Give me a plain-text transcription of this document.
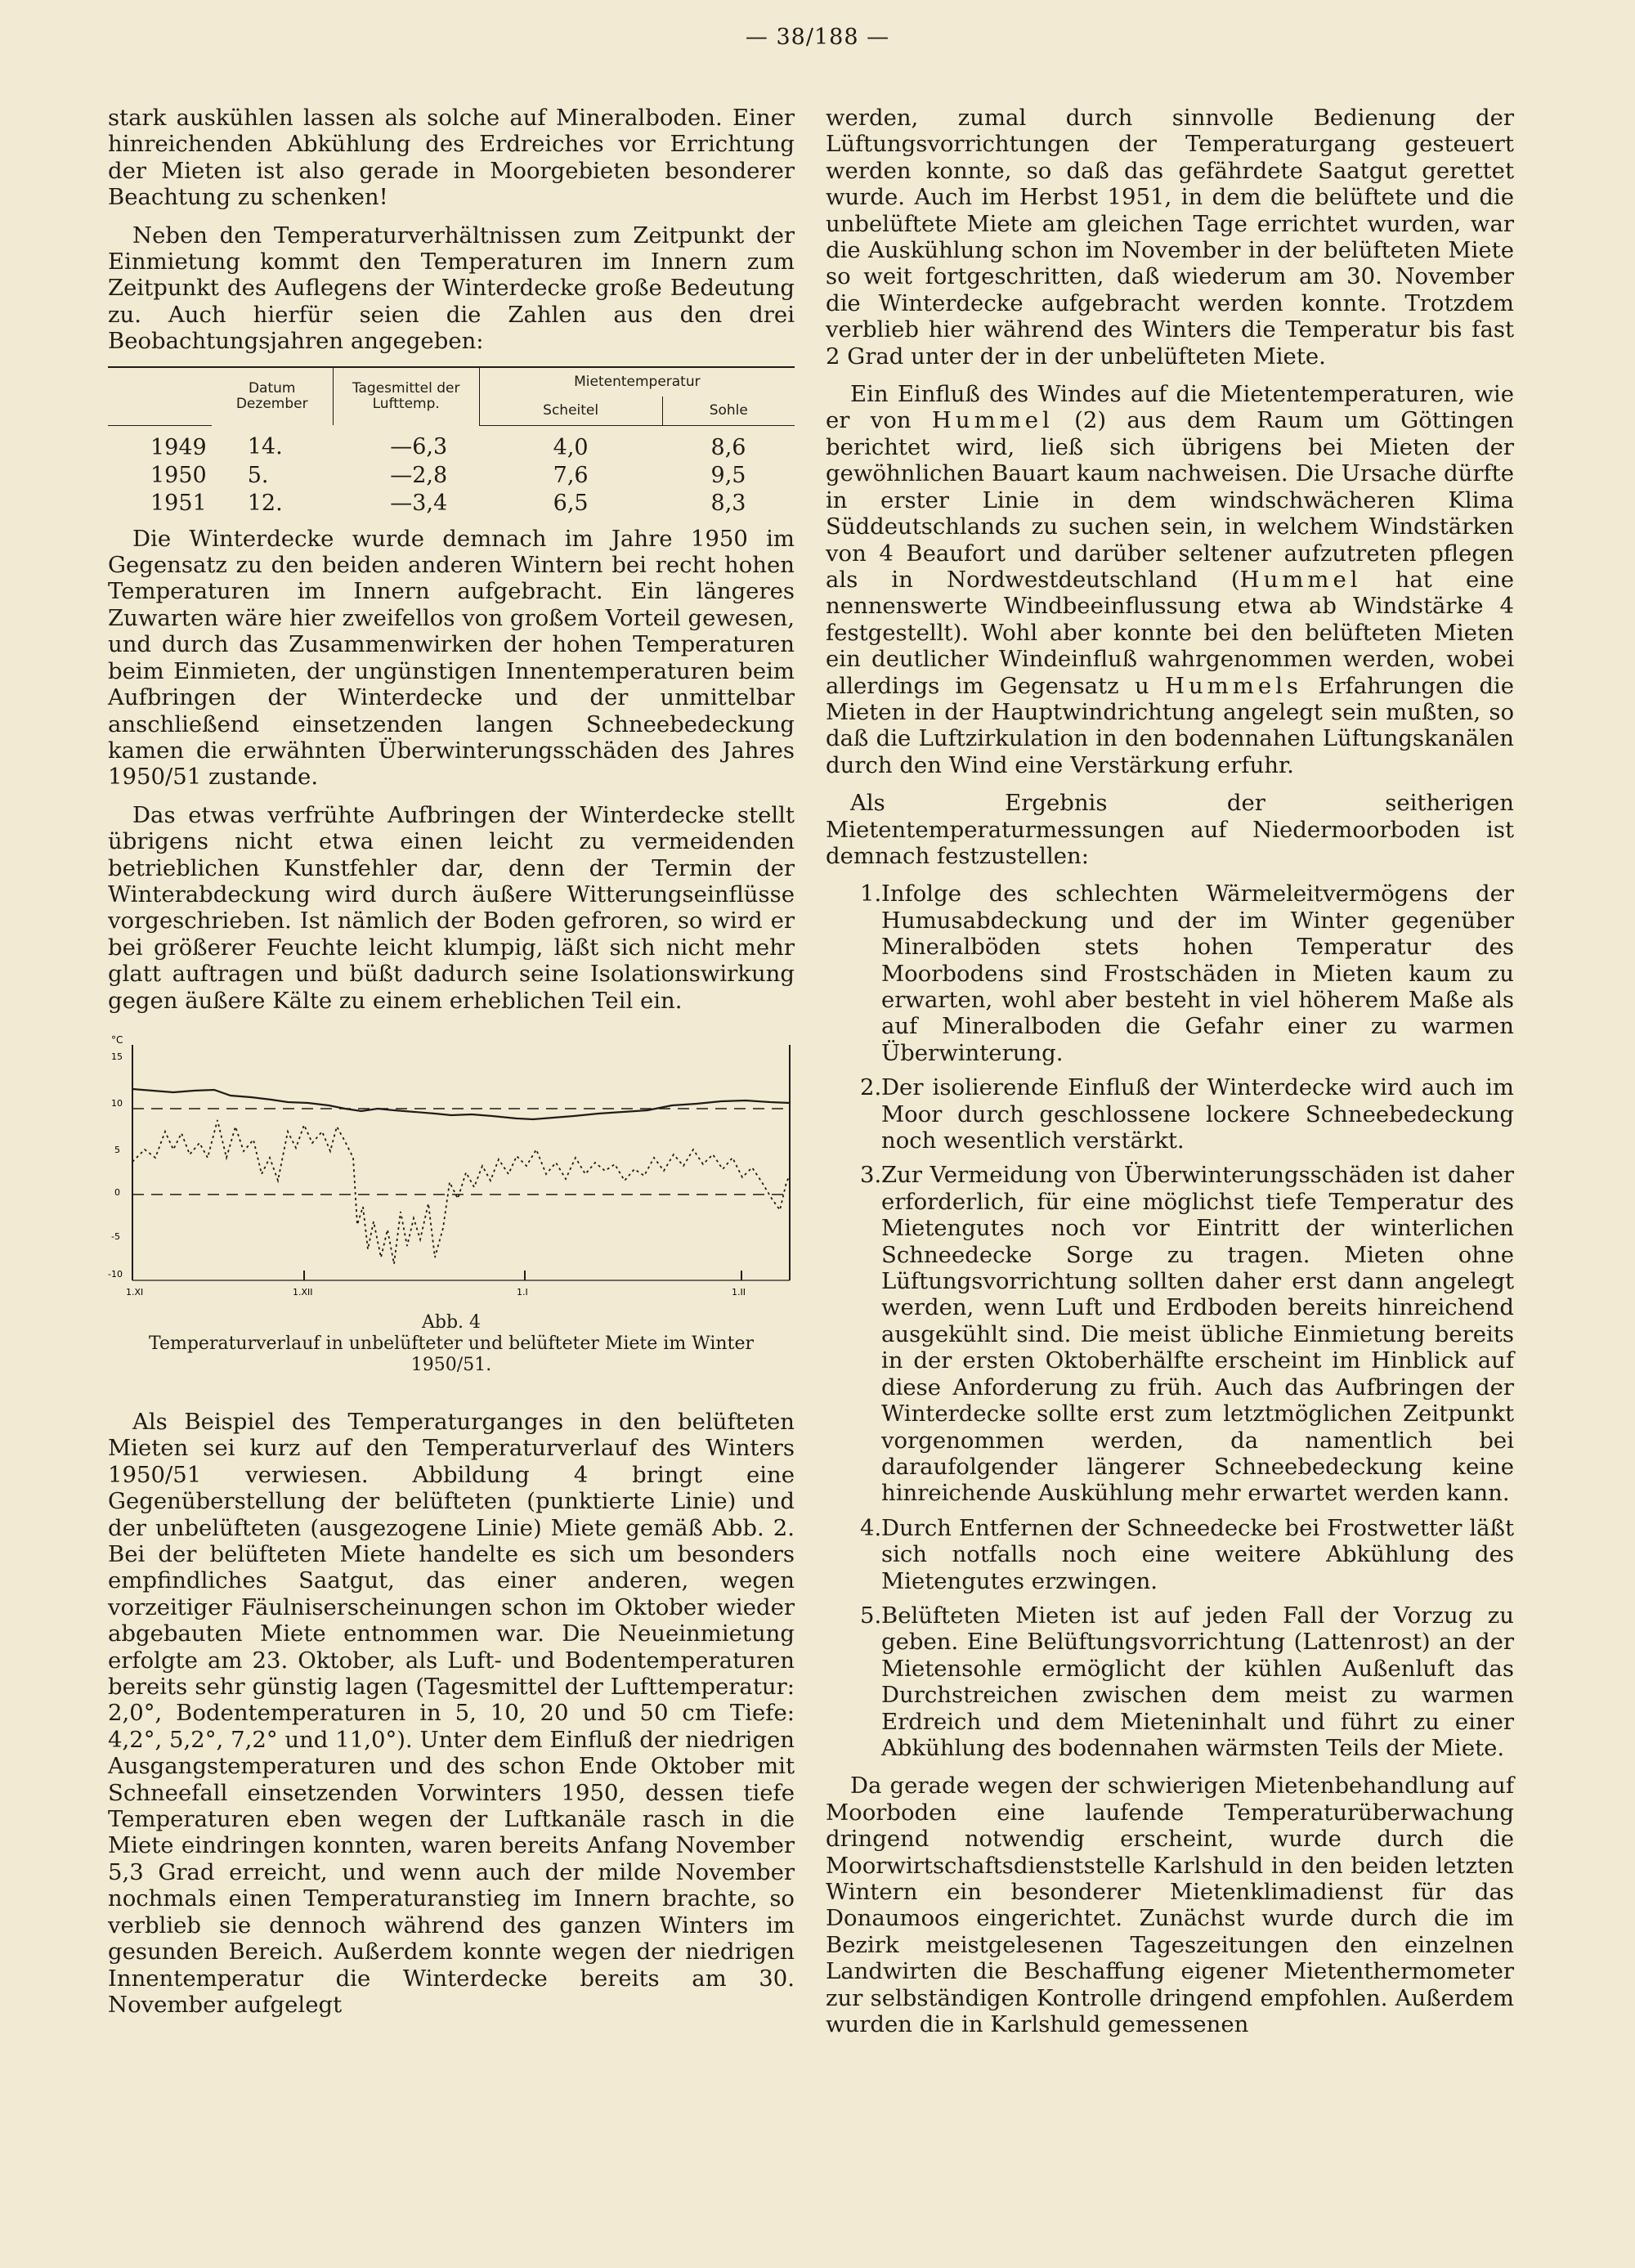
— 38/188 —

stark auskühlen lassen als solche auf Mineralboden. Einer hinreichenden Abkühlung des Erdreiches vor Errichtung der Mieten ist also gerade in Moorgebieten besonderer Beachtung zu schenken!

Neben den Temperaturverhältnissen zum Zeitpunkt der Einmietung kommt den Temperaturen im Innern zum Zeitpunkt des Auflegens der Winterdecke große Bedeutung zu. Auch hierfür seien die Zahlen aus den drei Beobachtungsjahren angegeben:

	Datum Dezember	Tagesmittel der Lufttemp.	Mietentemperatur	
			Scheitel	Sohle
1949	14.	—6,3	4,0	8,6
1950	5.	—2,8	7,6	9,5
1951	12.	—3,4	6,5	8,3

Die Winterdecke wurde demnach im Jahre 1950 im Gegensatz zu den beiden anderen Wintern bei recht hohen Temperaturen im Innern aufgebracht. Ein längeres Zuwarten wäre hier zweifellos von großem Vorteil gewesen, und durch das Zusammenwirken der hohen Temperaturen beim Einmieten, der ungünstigen Innentemperaturen beim Aufbringen der Winterdecke und der unmittelbar anschließend einsetzenden langen Schneebedeckung kamen die erwähnten Überwinterungsschäden des Jahres 1950/51 zustande.

Das etwas verfrühte Aufbringen der Winterdecke stellt übrigens nicht etwa einen leicht zu vermeidenden betrieblichen Kunstfehler dar, denn der Termin der Winterabdeckung wird durch äußere Witterungseinflüsse vorgeschrieben. Ist nämlich der Boden gefroren, so wird er bei größerer Feuchte leicht klumpig, läßt sich nicht mehr glatt auftragen und büßt dadurch seine Isolationswirkung gegen äußere Kälte zu einem erheblichen Teil ein.

°C
15
10
5
0
-5
-10
1.XI	1.XII	1.I	1.II
Abb. 4
Temperaturverlauf in unbelüfteter und belüfteter Miete im Winter 1950/51.

Als Beispiel des Temperaturganges in den belüfteten Mieten sei kurz auf den Temperaturverlauf des Winters 1950/51 verwiesen. Abbildung 4 bringt eine Gegenüberstellung der belüfteten (punktierte Linie) und der unbelüfteten (ausgezogene Linie) Miete gemäß Abb. 2. Bei der belüfteten Miete handelte es sich um besonders empfindliches Saatgut, das einer anderen, wegen vorzeitiger Fäulniserscheinungen schon im Oktober wieder abgebauten Miete entnommen war. Die Neueinmietung erfolgte am 23. Oktober, als Luft- und Bodentemperaturen bereits sehr günstig lagen (Tagesmittel der Lufttemperatur: 2,0°, Bodentemperaturen in 5, 10, 20 und 50 cm Tiefe: 4,2°, 5,2°, 7,2° und 11,0°). Unter dem Einfluß der niedrigen Ausgangstemperaturen und des schon Ende Oktober mit Schneefall einsetzenden Vorwinters 1950, dessen tiefe Temperaturen eben wegen der Luftkanäle rasch in die Miete eindringen konnten, waren bereits Anfang November 5,3 Grad erreicht, und wenn auch der milde November nochmals einen Temperaturanstieg im Innern brachte, so verblieb sie dennoch während des ganzen Winters im gesunden Bereich. Außerdem konnte wegen der niedrigen Innentemperatur die Winterdecke bereits am 30. November aufgelegt

werden, zumal durch sinnvolle Bedienung der Lüftungsvorrichtungen der Temperaturgang gesteuert werden konnte, so daß das gefährdete Saatgut gerettet wurde. Auch im Herbst 1951, in dem die belüftete und die unbelüftete Miete am gleichen Tage errichtet wurden, war die Auskühlung schon im November in der belüfteten Miete so weit fortgeschritten, daß wiederum am 30. November die Winterdecke aufgebracht werden konnte. Trotzdem verblieb hier während des Winters die Temperatur bis fast 2 Grad unter der in der unbelüfteten Miete.

Ein Einfluß des Windes auf die Mietentemperaturen, wie er von Hummel (2) aus dem Raum um Göttingen berichtet wird, ließ sich übrigens bei Mieten der gewöhnlichen Bauart kaum nachweisen. Die Ursache dürfte in erster Linie in dem windschwächeren Klima Süddeutschlands zu suchen sein, in welchem Windstärken von 4 Beaufort und darüber seltener aufzutreten pflegen als in Nordwestdeutschland (Hummel hat eine nennenswerte Windbeeinflussung etwa ab Windstärke 4 festgestellt). Wohl aber konnte bei den belüfteten Mieten ein deutlicher Windeinfluß wahrgenommen werden, wobei allerdings im Gegensatz u Hummels Erfahrungen die Mieten in der Hauptwindrichtung angelegt sein mußten, so daß die Luftzirkulation in den bodennahen Lüftungskanälen durch den Wind eine Verstärkung erfuhr.

Als Ergebnis der seitherigen Mietentemperaturmessungen auf Niedermoorboden ist demnach festzustellen:

1. Infolge des schlechten Wärmeleitvermögens der Humusabdeckung und der im Winter gegenüber Mineralböden stets hohen Temperatur des Moorbodens sind Frostschäden in Mieten kaum zu erwarten, wohl aber besteht in viel höherem Maße als auf Mineralboden die Gefahr einer zu warmen Überwinterung.
2. Der isolierende Einfluß der Winterdecke wird auch im Moor durch geschlossene lockere Schneebedeckung noch wesentlich verstärkt.
3. Zur Vermeidung von Überwinterungsschäden ist daher erforderlich, für eine möglichst tiefe Temperatur des Mietengutes noch vor Eintritt der winterlichen Schneedecke Sorge zu tragen. Mieten ohne Lüftungsvorrichtung sollten daher erst dann angelegt werden, wenn Luft und Erdboden bereits hinreichend ausgekühlt sind. Die meist übliche Einmietung bereits in der ersten Oktoberhälfte erscheint im Hinblick auf diese Anforderung zu früh. Auch das Aufbringen der Winterdecke sollte erst zum letztmöglichen Zeitpunkt vorgenommen werden, da namentlich bei daraufolgender längerer Schneebedeckung keine hinreichende Auskühlung mehr erwartet werden kann.
4. Durch Entfernen der Schneedecke bei Frostwetter läßt sich notfalls noch eine weitere Abkühlung des Mietengutes erzwingen.
5. Belüfteten Mieten ist auf jeden Fall der Vorzug zu geben. Eine Belüftungsvorrichtung (Lattenrost) an der Mietensohle ermöglicht der kühlen Außenluft das Durchstreichen zwischen dem meist zu warmen Erdreich und dem Mieteninhalt und führt zu einer Abkühlung des bodennahen wärmsten Teils der Miete.

Da gerade wegen der schwierigen Mietenbehandlung auf Moorboden eine laufende Temperaturüberwachung dringend notwendig erscheint, wurde durch die Moorwirtschaftsdienststelle Karlshuld in den beiden letzten Wintern ein besonderer Mietenklimadienst für das Donaumoos eingerichtet. Zunächst wurde durch die im Bezirk meistgelesenen Tageszeitungen den einzelnen Landwirten die Beschaffung eigener Mietenthermometer zur selbständigen Kontrolle dringend empfohlen. Außerdem wurden die in Karlshuld gemessenen
